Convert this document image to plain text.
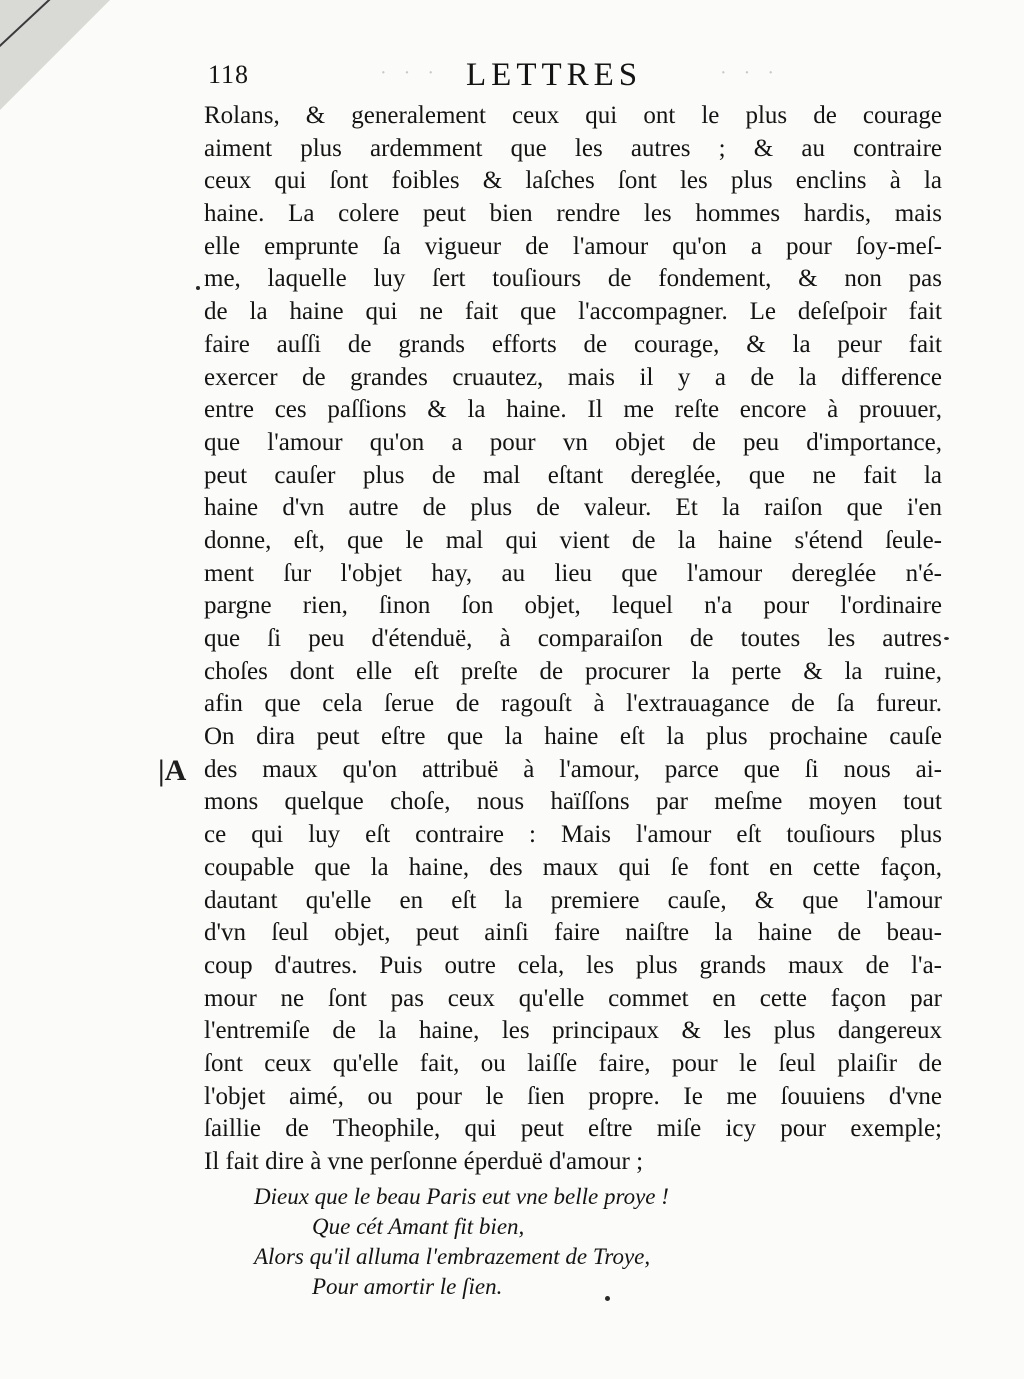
118	LETTRES
· · ·	· · ·
|A
Rolans, & generalement ceux qui ont le plus de courage
aiment plus ardemment que les autres ; & au contraire
ceux qui ſont foibles & laſches ſont les plus enclins à la
haine. La colere peut bien rendre les hommes hardis, mais
elle emprunte ſa vigueur de l'amour qu'on a pour ſoy-meſ-
me, laquelle luy ſert touſiours de fondement, & non pas
de la haine qui ne fait que l'accompagner. Le deſeſpoir fait
faire auſſi de grands efforts de courage, & la peur fait
exercer de grandes cruautez, mais il y a de la difference
entre ces paſſions & la haine. Il me reſte encore à prouuer,
que l'amour qu'on a pour vn objet de peu d'importance,
peut cauſer plus de mal eſtant dereglée, que ne fait la
haine d'vn autre de plus de valeur. Et la raiſon que i'en
donne, eſt, que le mal qui vient de la haine s'étend ſeule-
ment ſur l'objet hay, au lieu que l'amour dereglée n'é-
pargne rien, ſinon ſon objet, lequel n'a pour l'ordinaire
que ſi peu d'étenduë, à comparaiſon de toutes les autres
choſes dont elle eſt preſte de procurer la perte & la ruine,
afin que cela ſerue de ragouſt à l'extrauagance de ſa fureur.
On dira peut eſtre que la haine eſt la plus prochaine cauſe
des maux qu'on attribuë à l'amour, parce que ſi nous ai-
mons quelque choſe, nous haïſſons par meſme moyen tout
ce qui luy eſt contraire : Mais l'amour eſt touſiours plus
coupable que la haine, des maux qui ſe font en cette façon,
dautant qu'elle en eſt la premiere cauſe, & que l'amour
d'vn ſeul objet, peut ainſi faire naiſtre la haine de beau-
coup d'autres. Puis outre cela, les plus grands maux de l'a-
mour ne ſont pas ceux qu'elle commet en cette façon par
l'entremiſe de la haine, les principaux & les plus dangereux
ſont ceux qu'elle fait, ou laiſſe faire, pour le ſeul plaiſir de
l'objet aimé, ou pour le ſien propre. Ie me ſouuiens d'vne
ſaillie de Theophile, qui peut eſtre miſe icy pour exemple;
Il fait dire à vne perſonne éperduë d'amour ;
Dieux que le beau Paris eut vne belle proye !
Que cét Amant fit bien,
Alors qu'il alluma l'embrazement de Troye,
Pour amortir le ſien.
